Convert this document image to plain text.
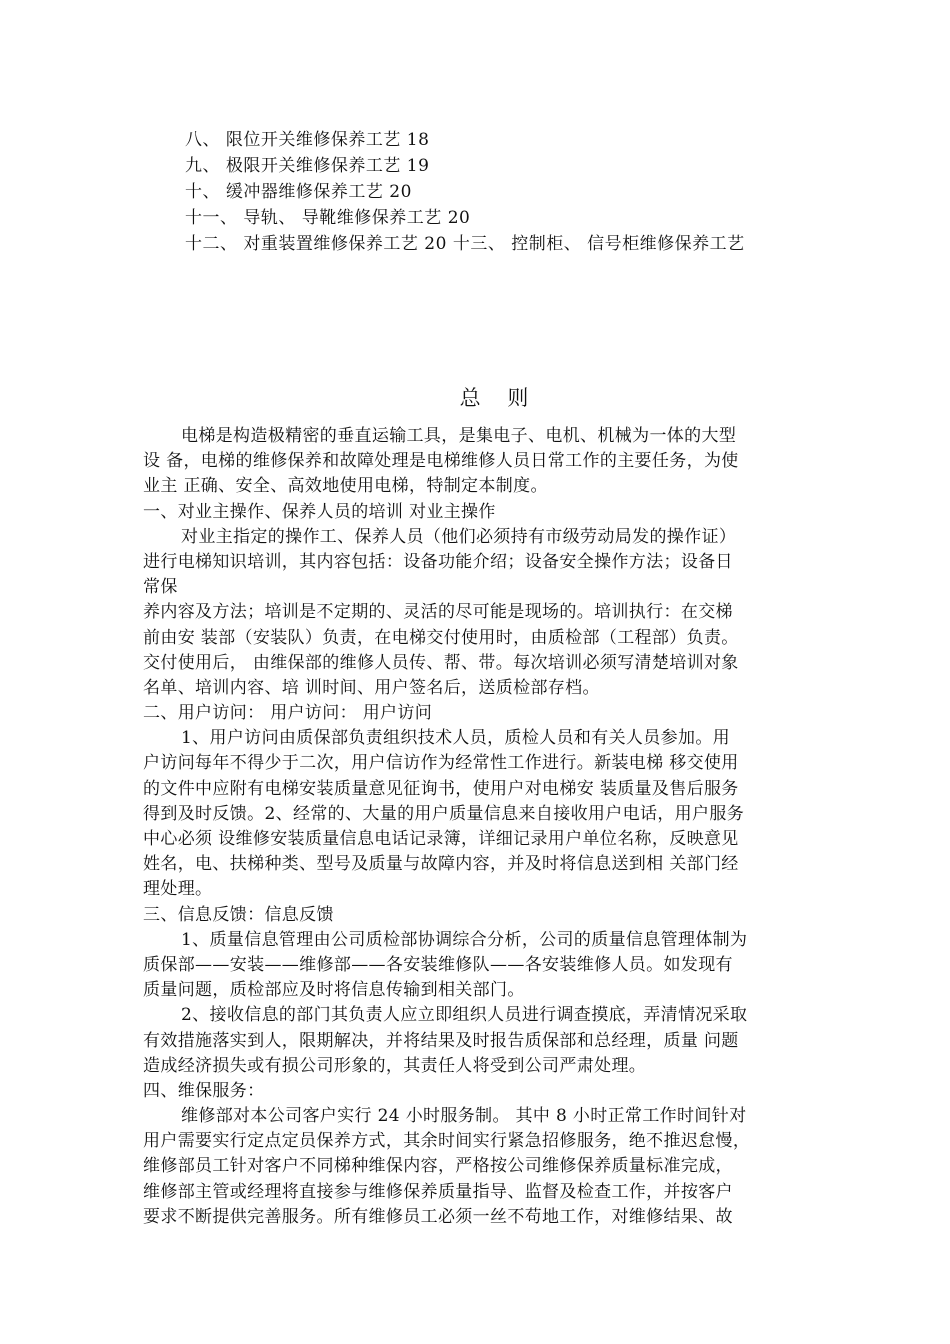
八、 限位开关维修保养工艺 18
九、 极限开关维修保养工艺 19
十、 缓冲器维修保养工艺 20
十一、 导轨、 导靴维修保养工艺 20
十二、 对重装置维修保养工艺 20 十三、 控制柜、 信号柜维修保养工艺
总 则
电梯是构造极精密的垂直运输工具，是集电子、电机、机械为一体的大型
设 备，电梯的维修保养和故障处理是电梯维修人员日常工作的主要任务，为使
业主 正确、安全、高效地使用电梯，特制定本制度。
一、对业主操作、保养人员的培训 对业主操作
对业主指定的操作工、保养人员（他们必须持有市级劳动局发的操作证）
进行电梯知识培训，其内容包括：设备功能介绍；设备安全操作方法；设备日
常保
养内容及方法；培训是不定期的、灵活的尽可能是现场的。培训执行：在交梯
前由安 装部（安装队）负责，在电梯交付使用时，由质检部（工程部）负责。
交付使用后， 由维保部的维修人员传、帮、带。每次培训必须写清楚培训对象
名单、培训内容、培 训时间、用户签名后，送质检部存档。
二、用户访问： 用户访问： 用户访问
1、用户访问由质保部负责组织技术人员，质检人员和有关人员参加。用
户访问每年不得少于二次，用户信访作为经常性工作进行。新装电梯 移交使用
的文件中应附有电梯安装质量意见征询书，使用户对电梯安 装质量及售后服务
得到及时反馈。2、经常的、大量的用户质量信息来自接收用户电话，用户服务
中心必须 设维修安装质量信息电话记录簿，详细记录用户单位名称，反映意见
姓名，电、扶梯种类、型号及质量与故障内容，并及时将信息送到相 关部门经
理处理。
三、信息反馈：信息反馈
1、质量信息管理由公司质检部协调综合分析，公司的质量信息管理体制为
质保部——安装——维修部——各安装维修队——各安装维修人员。如发现有
质量问题，质检部应及时将信息传输到相关部门。
2、接收信息的部门其负责人应立即组织人员进行调查摸底，弄清情况采取
有效措施落实到人，限期解决，并将结果及时报告质保部和总经理，质量 问题
造成经济损失或有损公司形象的，其责任人将受到公司严肃处理。
四、维保服务：
维修部对本公司客户实行 24 小时服务制。 其中 8 小时正常工作时间针对
用户需要实行定点定员保养方式，其余时间实行紧急招修服务，绝不推迟怠慢，
维修部员工针对客户不同梯种维保内容，严格按公司维修保养质量标准完成，
维修部主管或经理将直接参与维修保养质量指导、监督及检查工作，并按客户
要求不断提供完善服务。所有维修员工必须一丝不苟地工作，对维修结果、故
